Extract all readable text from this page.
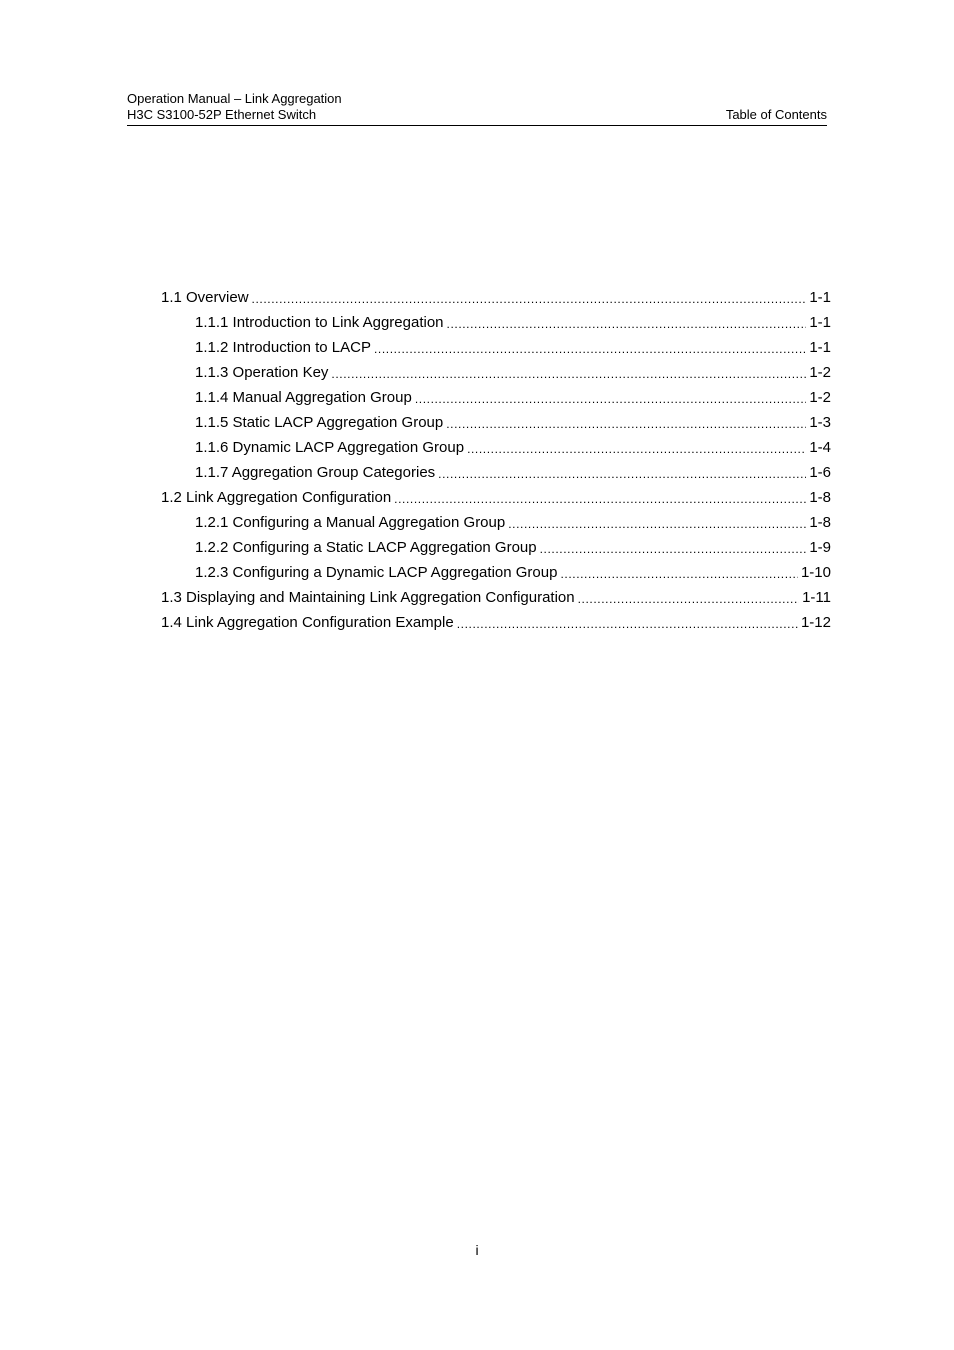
Operation Manual – Link Aggregation
H3C S3100-52P Ethernet Switch	Table of Contents
1.1 Overview .....	1-1
1.1.1 Introduction to Link Aggregation .....	1-1
1.1.2 Introduction to LACP .....	1-1
1.1.3 Operation Key .....	1-2
1.1.4 Manual Aggregation Group .....	1-2
1.1.5 Static LACP Aggregation Group .....	1-3
1.1.6 Dynamic LACP Aggregation Group .....	1-4
1.1.7 Aggregation Group Categories .....	1-6
1.2 Link Aggregation Configuration .....	1-8
1.2.1 Configuring a Manual Aggregation Group .....	1-8
1.2.2 Configuring a Static LACP Aggregation Group .....	1-9
1.2.3 Configuring a Dynamic LACP Aggregation Group .....	1-10
1.3 Displaying and Maintaining Link Aggregation Configuration .....	1-11
1.4 Link Aggregation Configuration Example .....	1-12
i
